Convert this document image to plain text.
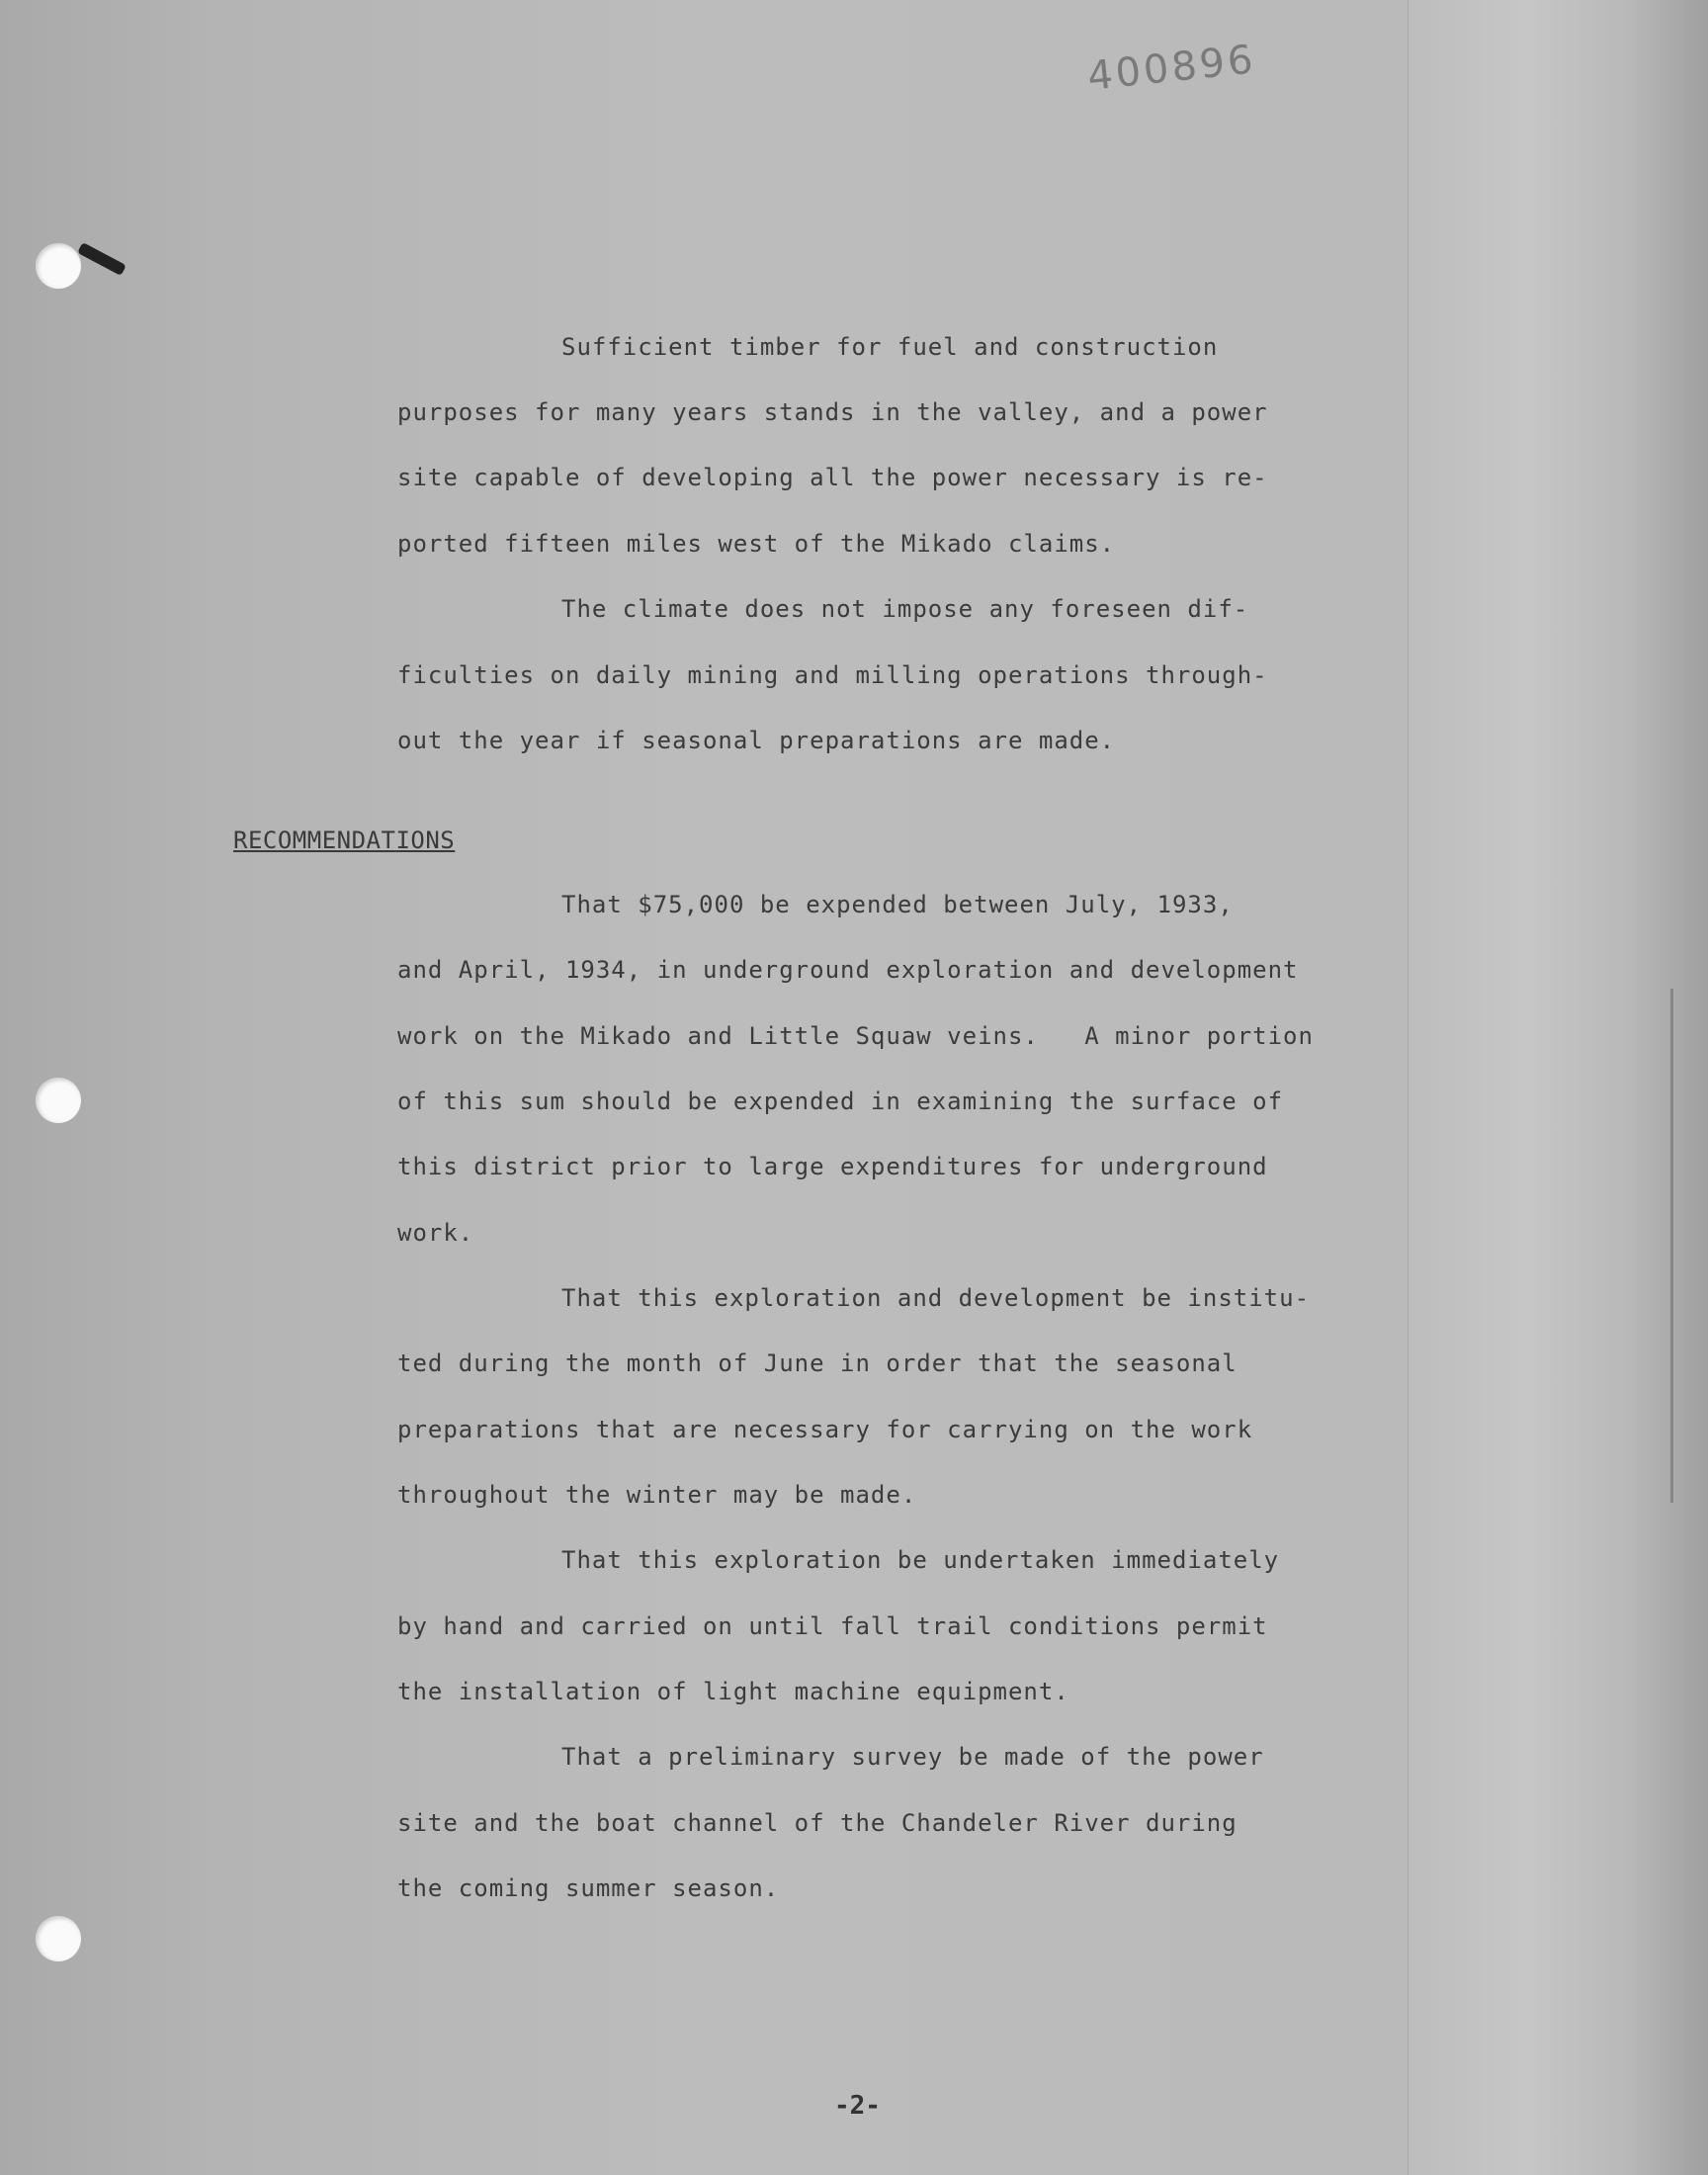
400896
Sufficient timber for fuel and construction
purposes for many years stands in the valley, and a power
site capable of developing all the power necessary is re-
ported fifteen miles west of the Mikado claims.
The climate does not impose any foreseen dif-
ficulties on daily mining and milling operations through-
out the year if seasonal preparations are made.
RECOMMENDATIONS
That $75,000 be expended between July, 1933,
and April, 1934, in underground exploration and development
work on the Mikado and Little Squaw veins.   A minor portion
of this sum should be expended in examining the surface of
this district prior to large expenditures for underground
work.
That this exploration and development be institu-
ted during the month of June in order that the seasonal
preparations that are necessary for carrying on the work
throughout the winter may be made.
That this exploration be undertaken immediately
by hand and carried on until fall trail conditions permit
the installation of light machine equipment.
That a preliminary survey be made of the power
site and the boat channel of the Chandeler River during
the coming summer season.
-2-
